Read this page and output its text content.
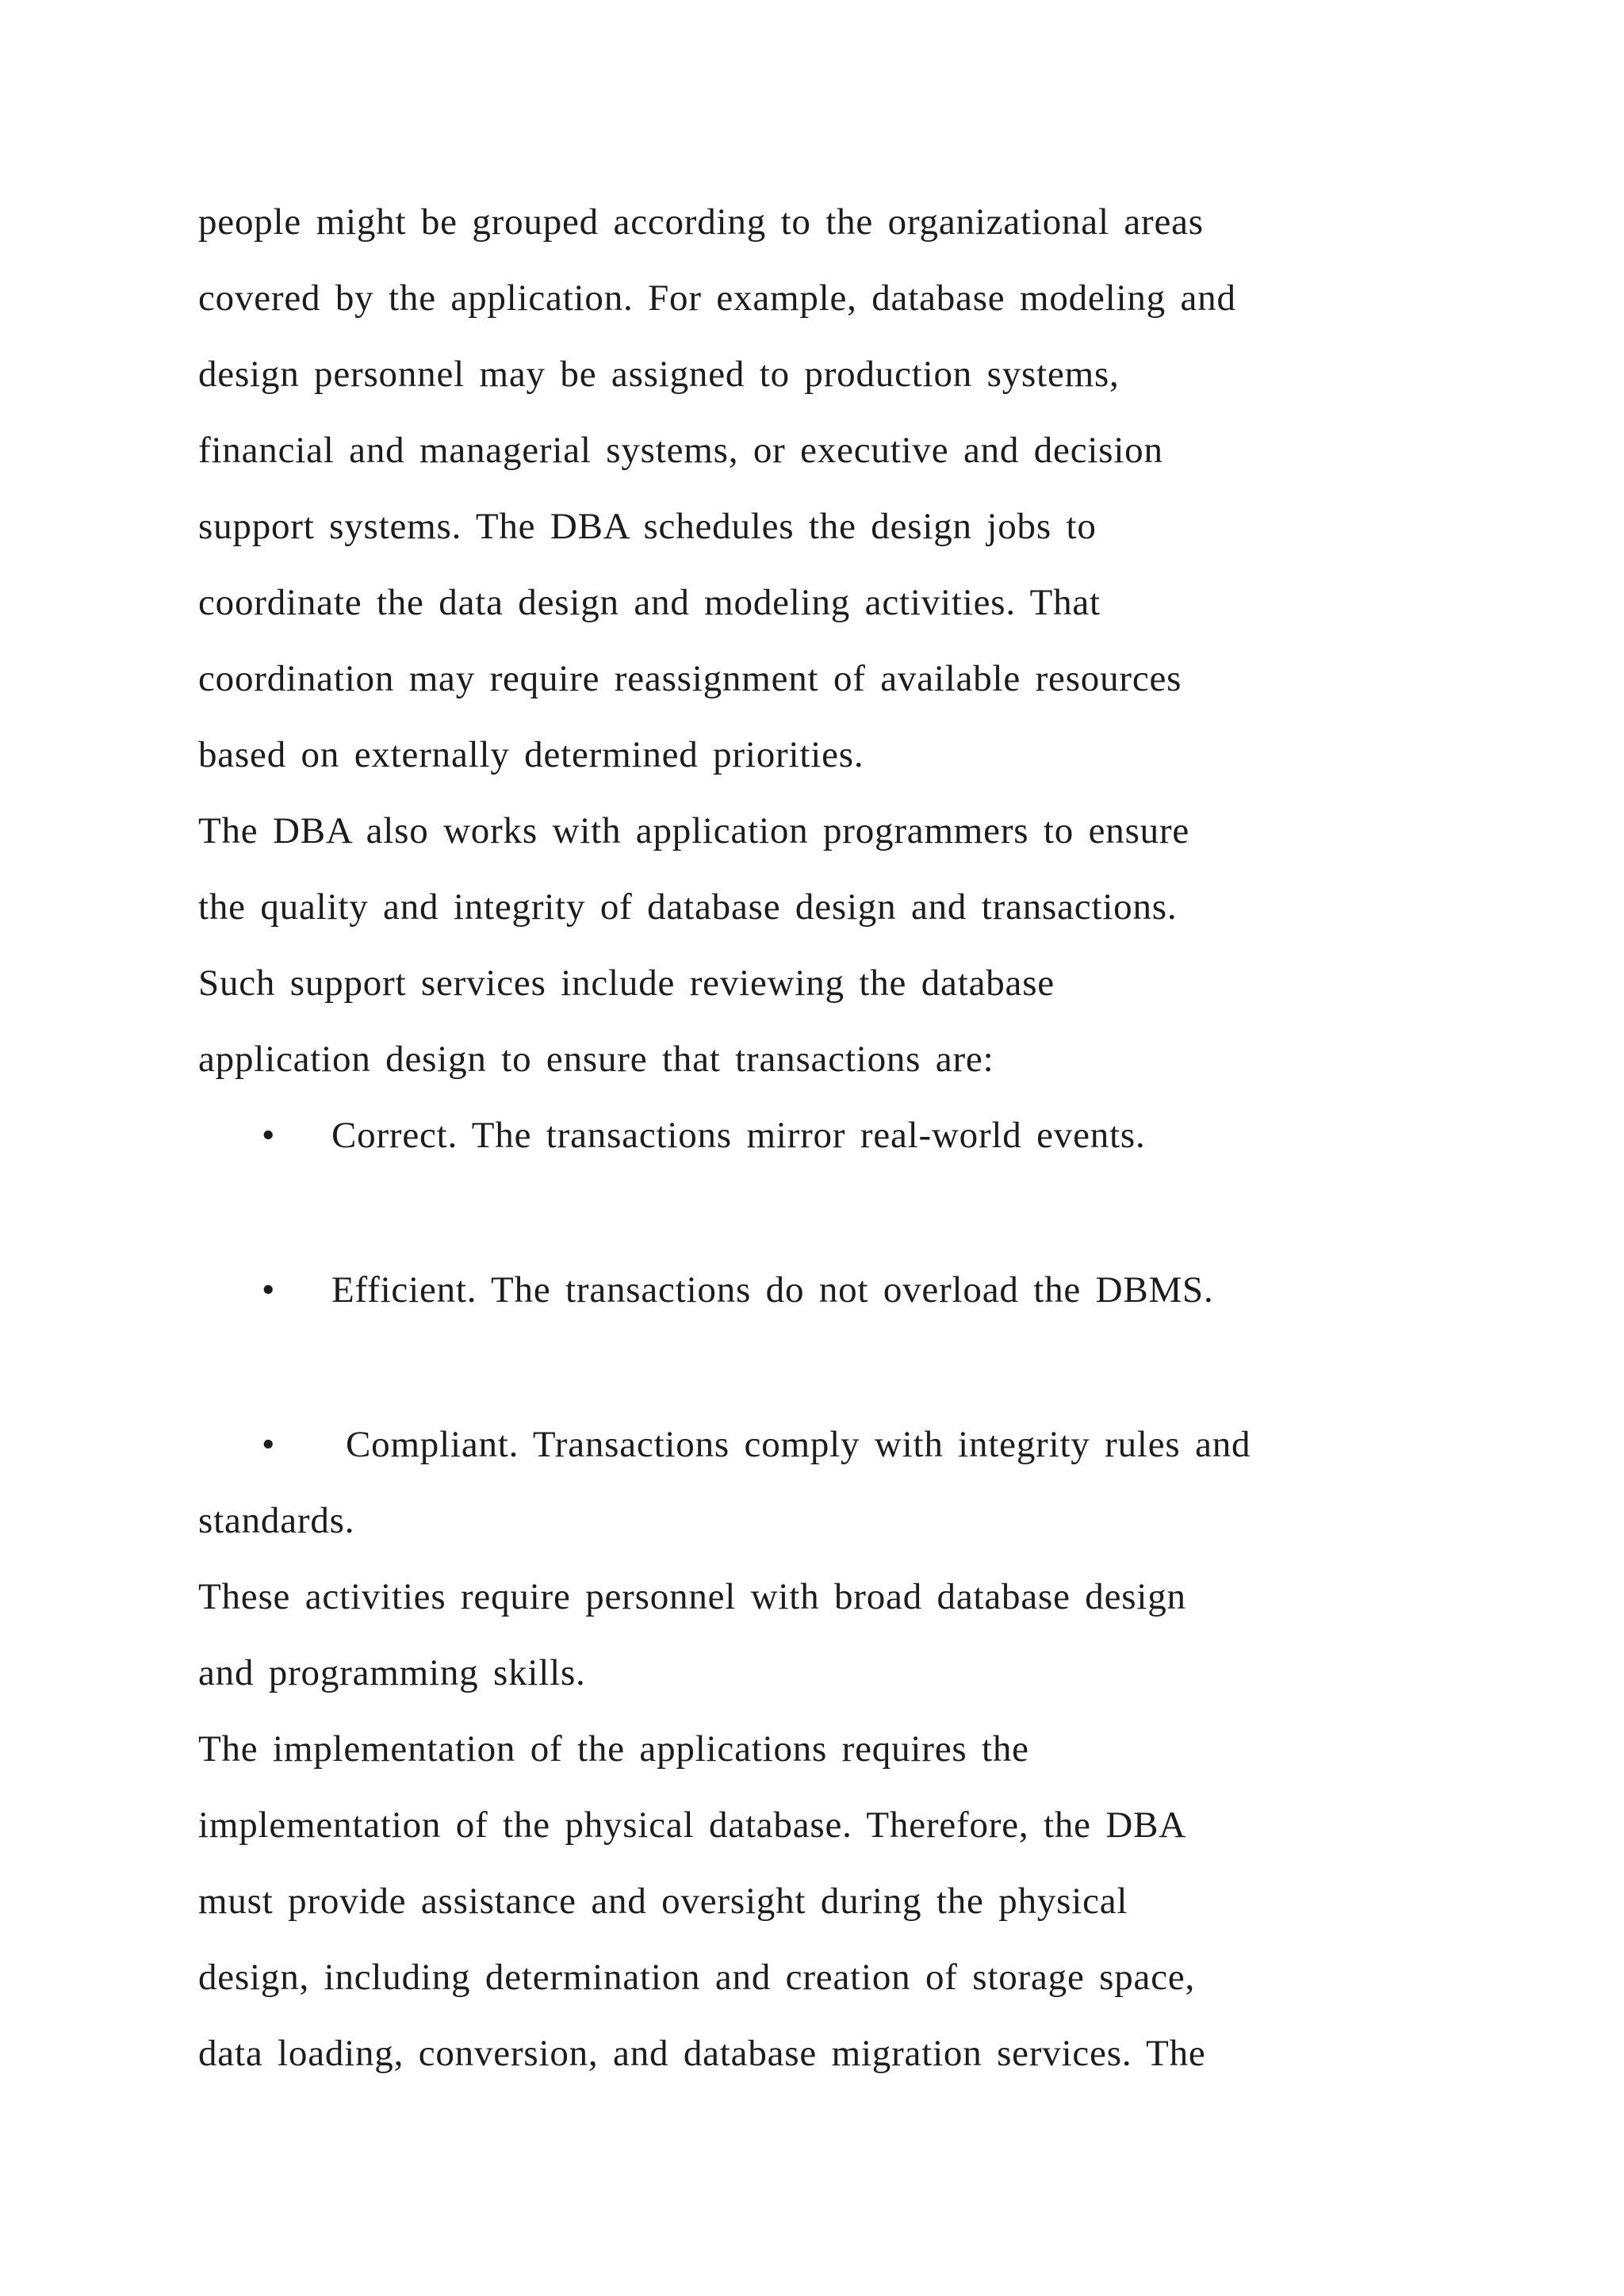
people might be grouped according to the organizational areas
covered by the application. For example, database modeling and
design personnel may be assigned to production systems,
financial and managerial systems, or executive and decision
support systems. The DBA schedules the design jobs to
coordinate the data design and modeling activities. That
coordination may require reassignment of available resources
based on externally determined priorities.
The DBA also works with application programmers to ensure
the quality and integrity of database design and transactions.
Such support services include reviewing the database
application design to ensure that transactions are:
• Correct. The transactions mirror real-world events.
• Efficient. The transactions do not overload the DBMS.
• Compliant. Transactions comply with integrity rules and
standards.
These activities require personnel with broad database design
and programming skills.
The implementation of the applications requires the
implementation of the physical database. Therefore, the DBA
must provide assistance and oversight during the physical
design, including determination and creation of storage space,
data loading, conversion, and database migration services. The
